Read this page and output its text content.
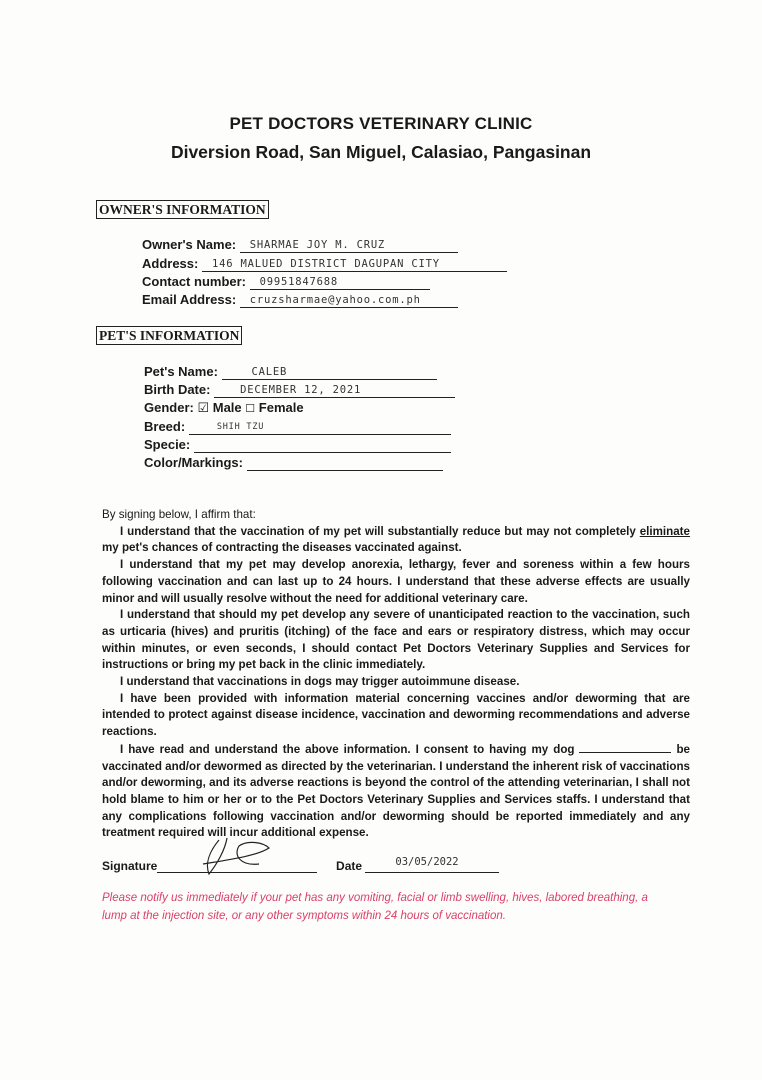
PET DOCTORS VETERINARY CLINIC
Diversion Road, San Miguel, Calasiao, Pangasinan
OWNER'S INFORMATION
Owner's Name: SHARMAE JOY M. CRUZ
Address: 146 MALUED DISTRICT DAGUPAN CITY
Contact number: 09951847688
Email Address: cruzsharmae@yahoo.com.ph
PET'S INFORMATION
Pet's Name:	CALEB
Birth Date:	DECEMBER 12, 2021
Gender: ☑ Male ☐ Female
Breed:	SHIH TZU
Specie:
Color/Markings:

By signing below, I affirm that:

I understand that the vaccination of my pet will substantially reduce but may not completely eliminate my pet's chances of contracting the diseases vaccinated against.

I understand that my pet may develop anorexia, lethargy, fever and soreness within a few hours following vaccination and can last up to 24 hours. I understand that these adverse effects are usually minor and will usually resolve without the need for additional veterinary care.

I understand that should my pet develop any severe of unanticipated reaction to the vaccination, such as urticaria (hives) and pruritis (itching) of the face and ears or respiratory distress, which may occur within minutes, or even seconds, I should contact Pet Doctors Veterinary Supplies and Services for instructions or bring my pet back in the clinic immediately.

I understand that vaccinations in dogs may trigger autoimmune disease.

I have been provided with information material concerning vaccines and/or deworming that are intended to protect against disease incidence, vaccination and deworming recommendations and adverse reactions.

I have read and understand the above information. I consent to having my dog	be vaccinated and/or dewormed as directed by the veterinarian. I understand the inherent risk of vaccinations and/or deworming, and its adverse reactions is beyond the control of the attending veterinarian, I shall not hold blame to him or her or to the Pet Doctors Veterinary Supplies and Services staffs. I understand that any complications following vaccination and/or deworming should be reported immediately and any treatment required will incur additional expense.

Signature	Date	03/05/2022
Please notify us immediately if your pet has any vomiting, facial or limb swelling, hives, labored breathing, a lump at the injection site, or any other symptoms within 24 hours of vaccination.
